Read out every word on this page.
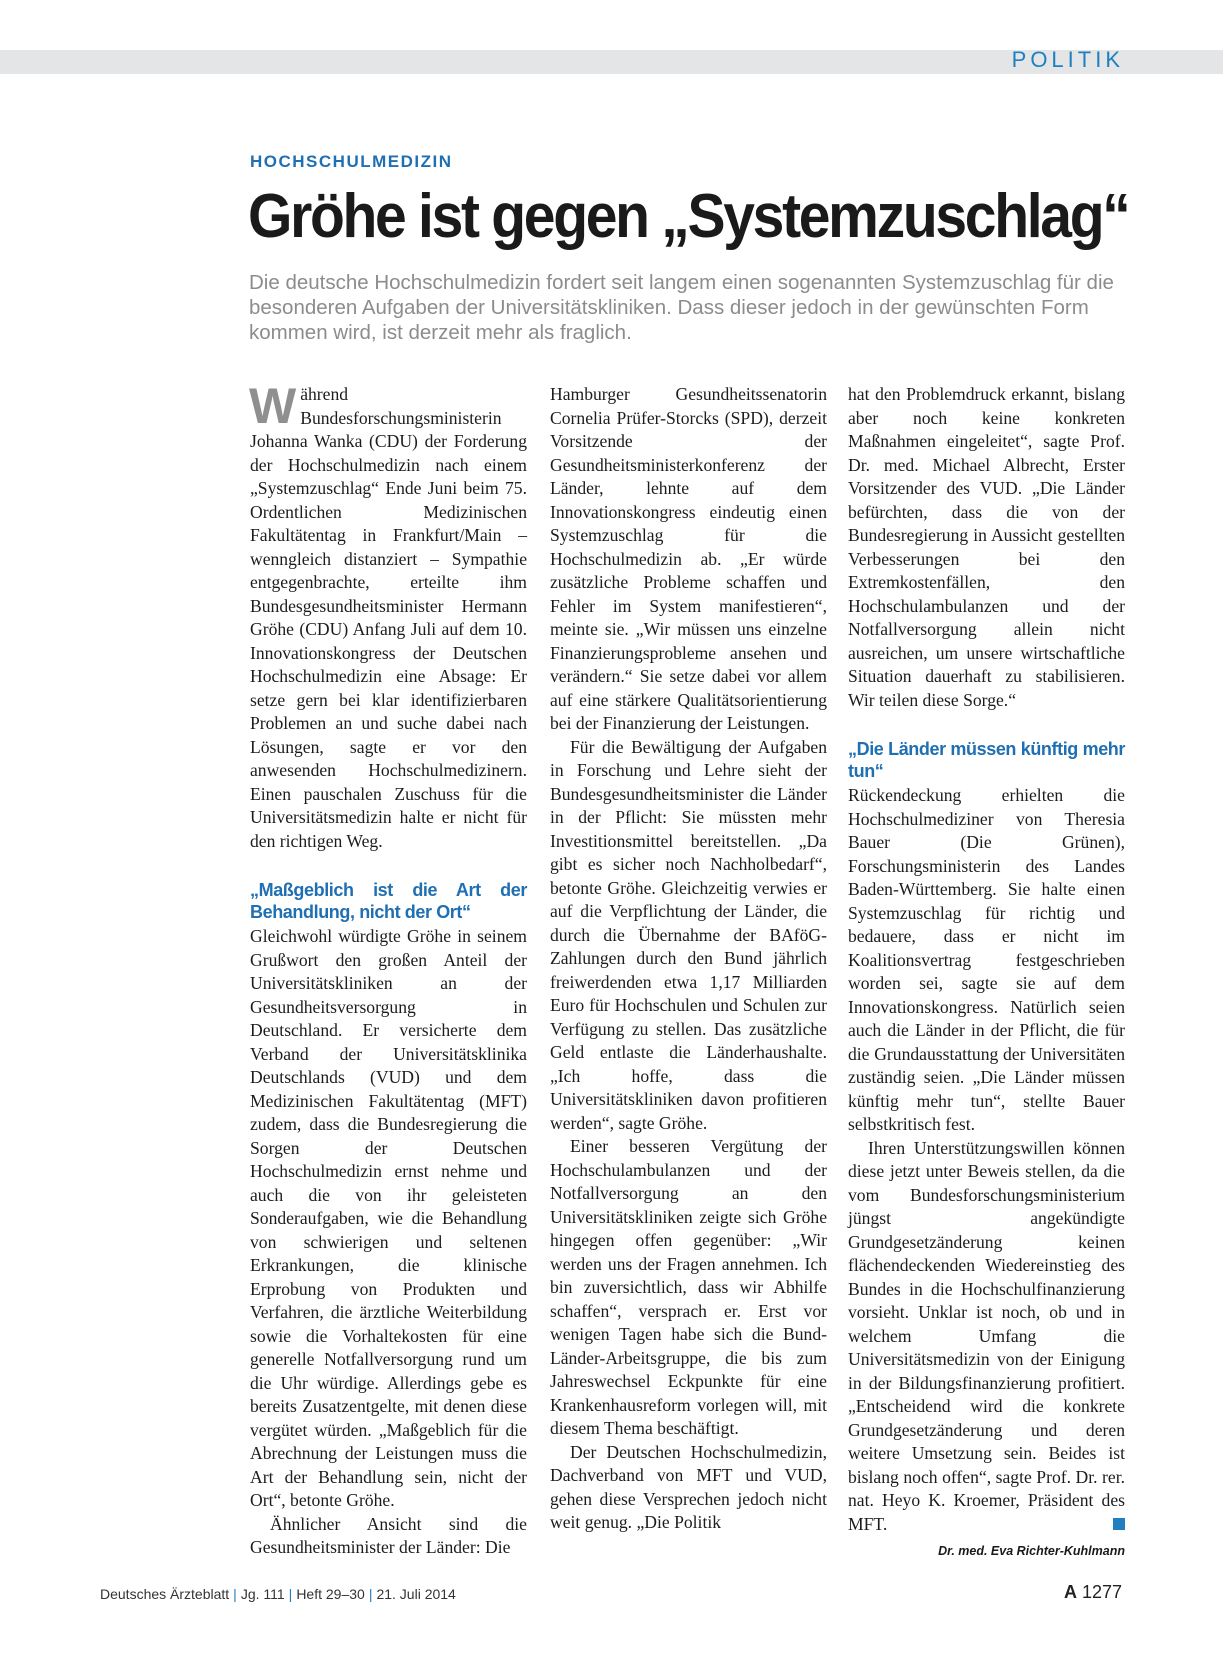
POLITIK
HOCHSCHULMEDIZIN
Gröhe ist gegen „Systemzuschlag“
Die deutsche Hochschulmedizin fordert seit langem einen sogenannten Systemzuschlag für die besonderen Aufgaben der Universitätskliniken. Dass dieser jedoch in der gewünschten Form kommen wird, ist derzeit mehr als fraglich.

Während Bundesforschungsministerin Johanna Wanka (CDU) der Forderung der Hochschulmedizin nach einem „Systemzuschlag“ Ende Juni beim 75. Ordentlichen Medizinischen Fakultätentag in Frankfurt/Main – wenngleich distanziert – Sympathie entgegenbrachte, erteilte ihm Bundesgesundheitsminister Hermann Gröhe (CDU) Anfang Juli auf dem 10. Innovationskongress der Deutschen Hochschulmedizin eine Absage: Er setze gern bei klar identifizierbaren Problemen an und suche dabei nach Lösungen, sagte er vor den anwesenden Hochschulmedizinern. Einen pauschalen Zuschuss für die Universitätsmedizin halte er nicht für den richtigen Weg.

„Maßgeblich ist die Art der Behandlung, nicht der Ort“

Gleichwohl würdigte Gröhe in seinem Grußwort den großen Anteil der Universitätskliniken an der Gesundheitsversorgung in Deutschland. Er versicherte dem Verband der Universitätsklinika Deutschlands (VUD) und dem Medizinischen Fakultätentag (MFT) zudem, dass die Bundesregierung die Sorgen der Deutschen Hochschulmedizin ernst nehme und auch die von ihr geleisteten Sonderaufgaben, wie die Behandlung von schwierigen und seltenen Erkrankungen, die klinische Erprobung von Produkten und Verfahren, die ärztliche Weiterbildung sowie die Vorhaltekosten für eine generelle Notfallversorgung rund um die Uhr würdige. Allerdings gebe es bereits Zusatzentgelte, mit denen diese vergütet würden. „Maßgeblich für die Abrechnung der Leistungen muss die Art der Behandlung sein, nicht der Ort“, betonte Gröhe.

Ähnlicher Ansicht sind die Gesundheitsminister der Länder: Die

Hamburger Gesundheitssenatorin Cornelia Prüfer-Storcks (SPD), derzeit Vorsitzende der Gesundheitsministerkonferenz der Länder, lehnte auf dem Innovationskongress eindeutig einen Systemzuschlag für die Hochschulmedizin ab. „Er würde zusätzliche Probleme schaffen und Fehler im System manifestieren“, meinte sie. „Wir müssen uns einzelne Finanzierungsprobleme ansehen und verändern.“ Sie setze dabei vor allem auf eine stärkere Qualitätsorientierung bei der Finanzierung der Leistungen.

Für die Bewältigung der Aufgaben in Forschung und Lehre sieht der Bundesgesundheitsminister die Länder in der Pflicht: Sie müssten mehr Investitionsmittel bereitstellen. „Da gibt es sicher noch Nachholbedarf“, betonte Gröhe. Gleichzeitig verwies er auf die Verpflichtung der Länder, die durch die Übernahme der BAföG-Zahlungen durch den Bund jährlich freiwerdenden etwa 1,17 Milliarden Euro für Hochschulen und Schulen zur Verfügung zu stellen. Das zusätzliche Geld entlaste die Länderhaushalte. „Ich hoffe, dass die Universitätskliniken davon profitieren werden“, sagte Gröhe.

Einer besseren Vergütung der Hochschulambulanzen und der Notfallversorgung an den Universitätskliniken zeigte sich Gröhe hingegen offen gegenüber: „Wir werden uns der Fragen annehmen. Ich bin zuversichtlich, dass wir Abhilfe schaffen“, versprach er. Erst vor wenigen Tagen habe sich die Bund-Länder-Arbeitsgruppe, die bis zum Jahreswechsel Eckpunkte für eine Krankenhausreform vorlegen will, mit diesem Thema beschäftigt.

Der Deutschen Hochschulmedizin, Dachverband von MFT und VUD, gehen diese Versprechen jedoch nicht weit genug. „Die Politik

hat den Problemdruck erkannt, bislang aber noch keine konkreten Maßnahmen eingeleitet“, sagte Prof. Dr. med. Michael Albrecht, Erster Vorsitzender des VUD. „Die Länder befürchten, dass die von der Bundesregierung in Aussicht gestellten Verbesserungen bei den Extremkostenfällen, den Hochschulambulanzen und der Notfallversorgung allein nicht ausreichen, um unsere wirtschaftliche Situation dauerhaft zu stabilisieren. Wir teilen diese Sorge.“

„Die Länder müssen künftig mehr tun“

Rückendeckung erhielten die Hochschulmediziner von Theresia Bauer (Die Grünen), Forschungsministerin des Landes Baden-Württemberg. Sie halte einen Systemzuschlag für richtig und bedauere, dass er nicht im Koalitionsvertrag festgeschrieben worden sei, sagte sie auf dem Innovationskongress. Natürlich seien auch die Länder in der Pflicht, die für die Grundausstattung der Universitäten zuständig seien. „Die Länder müssen künftig mehr tun“, stellte Bauer selbstkritisch fest.

Ihren Unterstützungswillen können diese jetzt unter Beweis stellen, da die vom Bundesforschungsministerium jüngst angekündigte Grundgesetzänderung keinen flächendeckenden Wiedereinstieg des Bundes in die Hochschulfinanzierung vorsieht. Unklar ist noch, ob und in welchem Umfang die Universitätsmedizin von der Einigung in der Bildungsfinanzierung profitiert. „Entscheidend wird die konkrete Grundgesetzänderung und deren weitere Umsetzung sein. Beides ist bislang noch offen“, sagte Prof. Dr. rer. nat. Heyo K. Kroemer, Präsident des MFT.

Dr. med. Eva Richter-Kuhlmann
Deutsches Ärzteblatt | Jg. 111 | Heft 29–30 | 21. Juli 2014	A 1277
